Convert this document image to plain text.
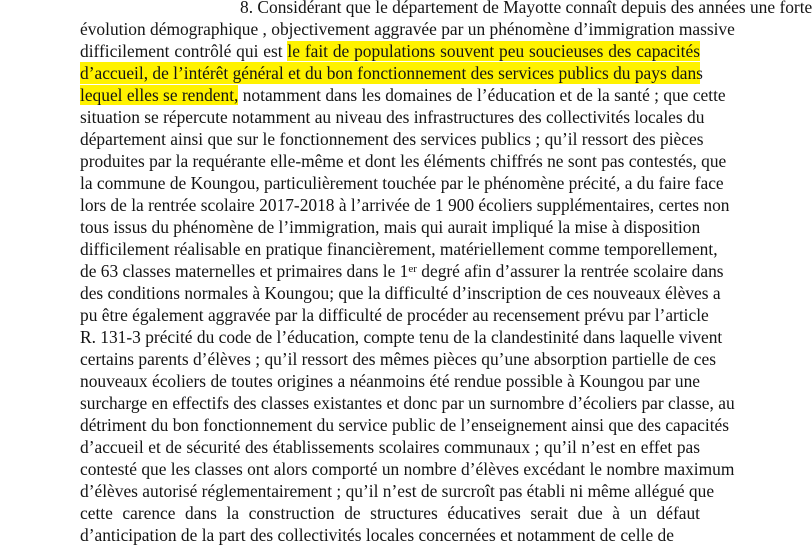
8. Considérant que le département de Mayotte connaît depuis des années une forte
évolution démographique , objectivement aggravée par un phénomène d’immigration massive
difficilement contrôlé qui est le fait de populations souvent peu soucieuses des capacités
d’accueil, de l’intérêt général et du bon fonctionnement des services publics du pays dans
lequel elles se rendent, notamment dans les domaines de l’éducation et de la santé ; que cette
situation se répercute notamment au niveau des infrastructures des collectivités locales du
département ainsi que sur le fonctionnement des services publics ; qu’il ressort des pièces
produites par la requérante elle-même et dont les éléments chiffrés ne sont pas contestés, que
la commune de Koungou, particulièrement touchée par le phénomène précité, a du faire face
lors de la rentrée scolaire 2017-2018 à l’arrivée de 1 900 écoliers supplémentaires, certes non
tous issus du phénomène de l’immigration, mais qui aurait impliqué la mise à disposition
difficilement réalisable en pratique financièrement, matériellement comme temporellement,
de 63 classes maternelles et primaires dans le 1er degré afin d’assurer la rentrée scolaire dans
des conditions normales à Koungou; que la difficulté d’inscription de ces nouveaux élèves a
pu être également aggravée par la difficulté de procéder au recensement prévu par l’article
R. 131-3 précité du code de l’éducation, compte tenu de la clandestinité dans laquelle vivent
certains parents d’élèves ; qu’il ressort des mêmes pièces qu’une absorption partielle de ces
nouveaux écoliers de toutes origines a néanmoins été rendue possible à Koungou par une
surcharge en effectifs des classes existantes et donc par un surnombre d’écoliers par classe, au
détriment du bon fonctionnement du service public de l’enseignement ainsi que des capacités
d’accueil et de sécurité des établissements scolaires communaux ; qu’il n’est en effet pas
contesté que les classes ont alors comporté un nombre d’élèves excédant le nombre maximum
d’élèves autorisé réglementairement ; qu’il n’est de surcroît pas établi ni même allégué que
cette carence dans la construction de structures éducatives serait due à un défaut
d’anticipation de la part des collectivités locales concernées et notamment de celle de
